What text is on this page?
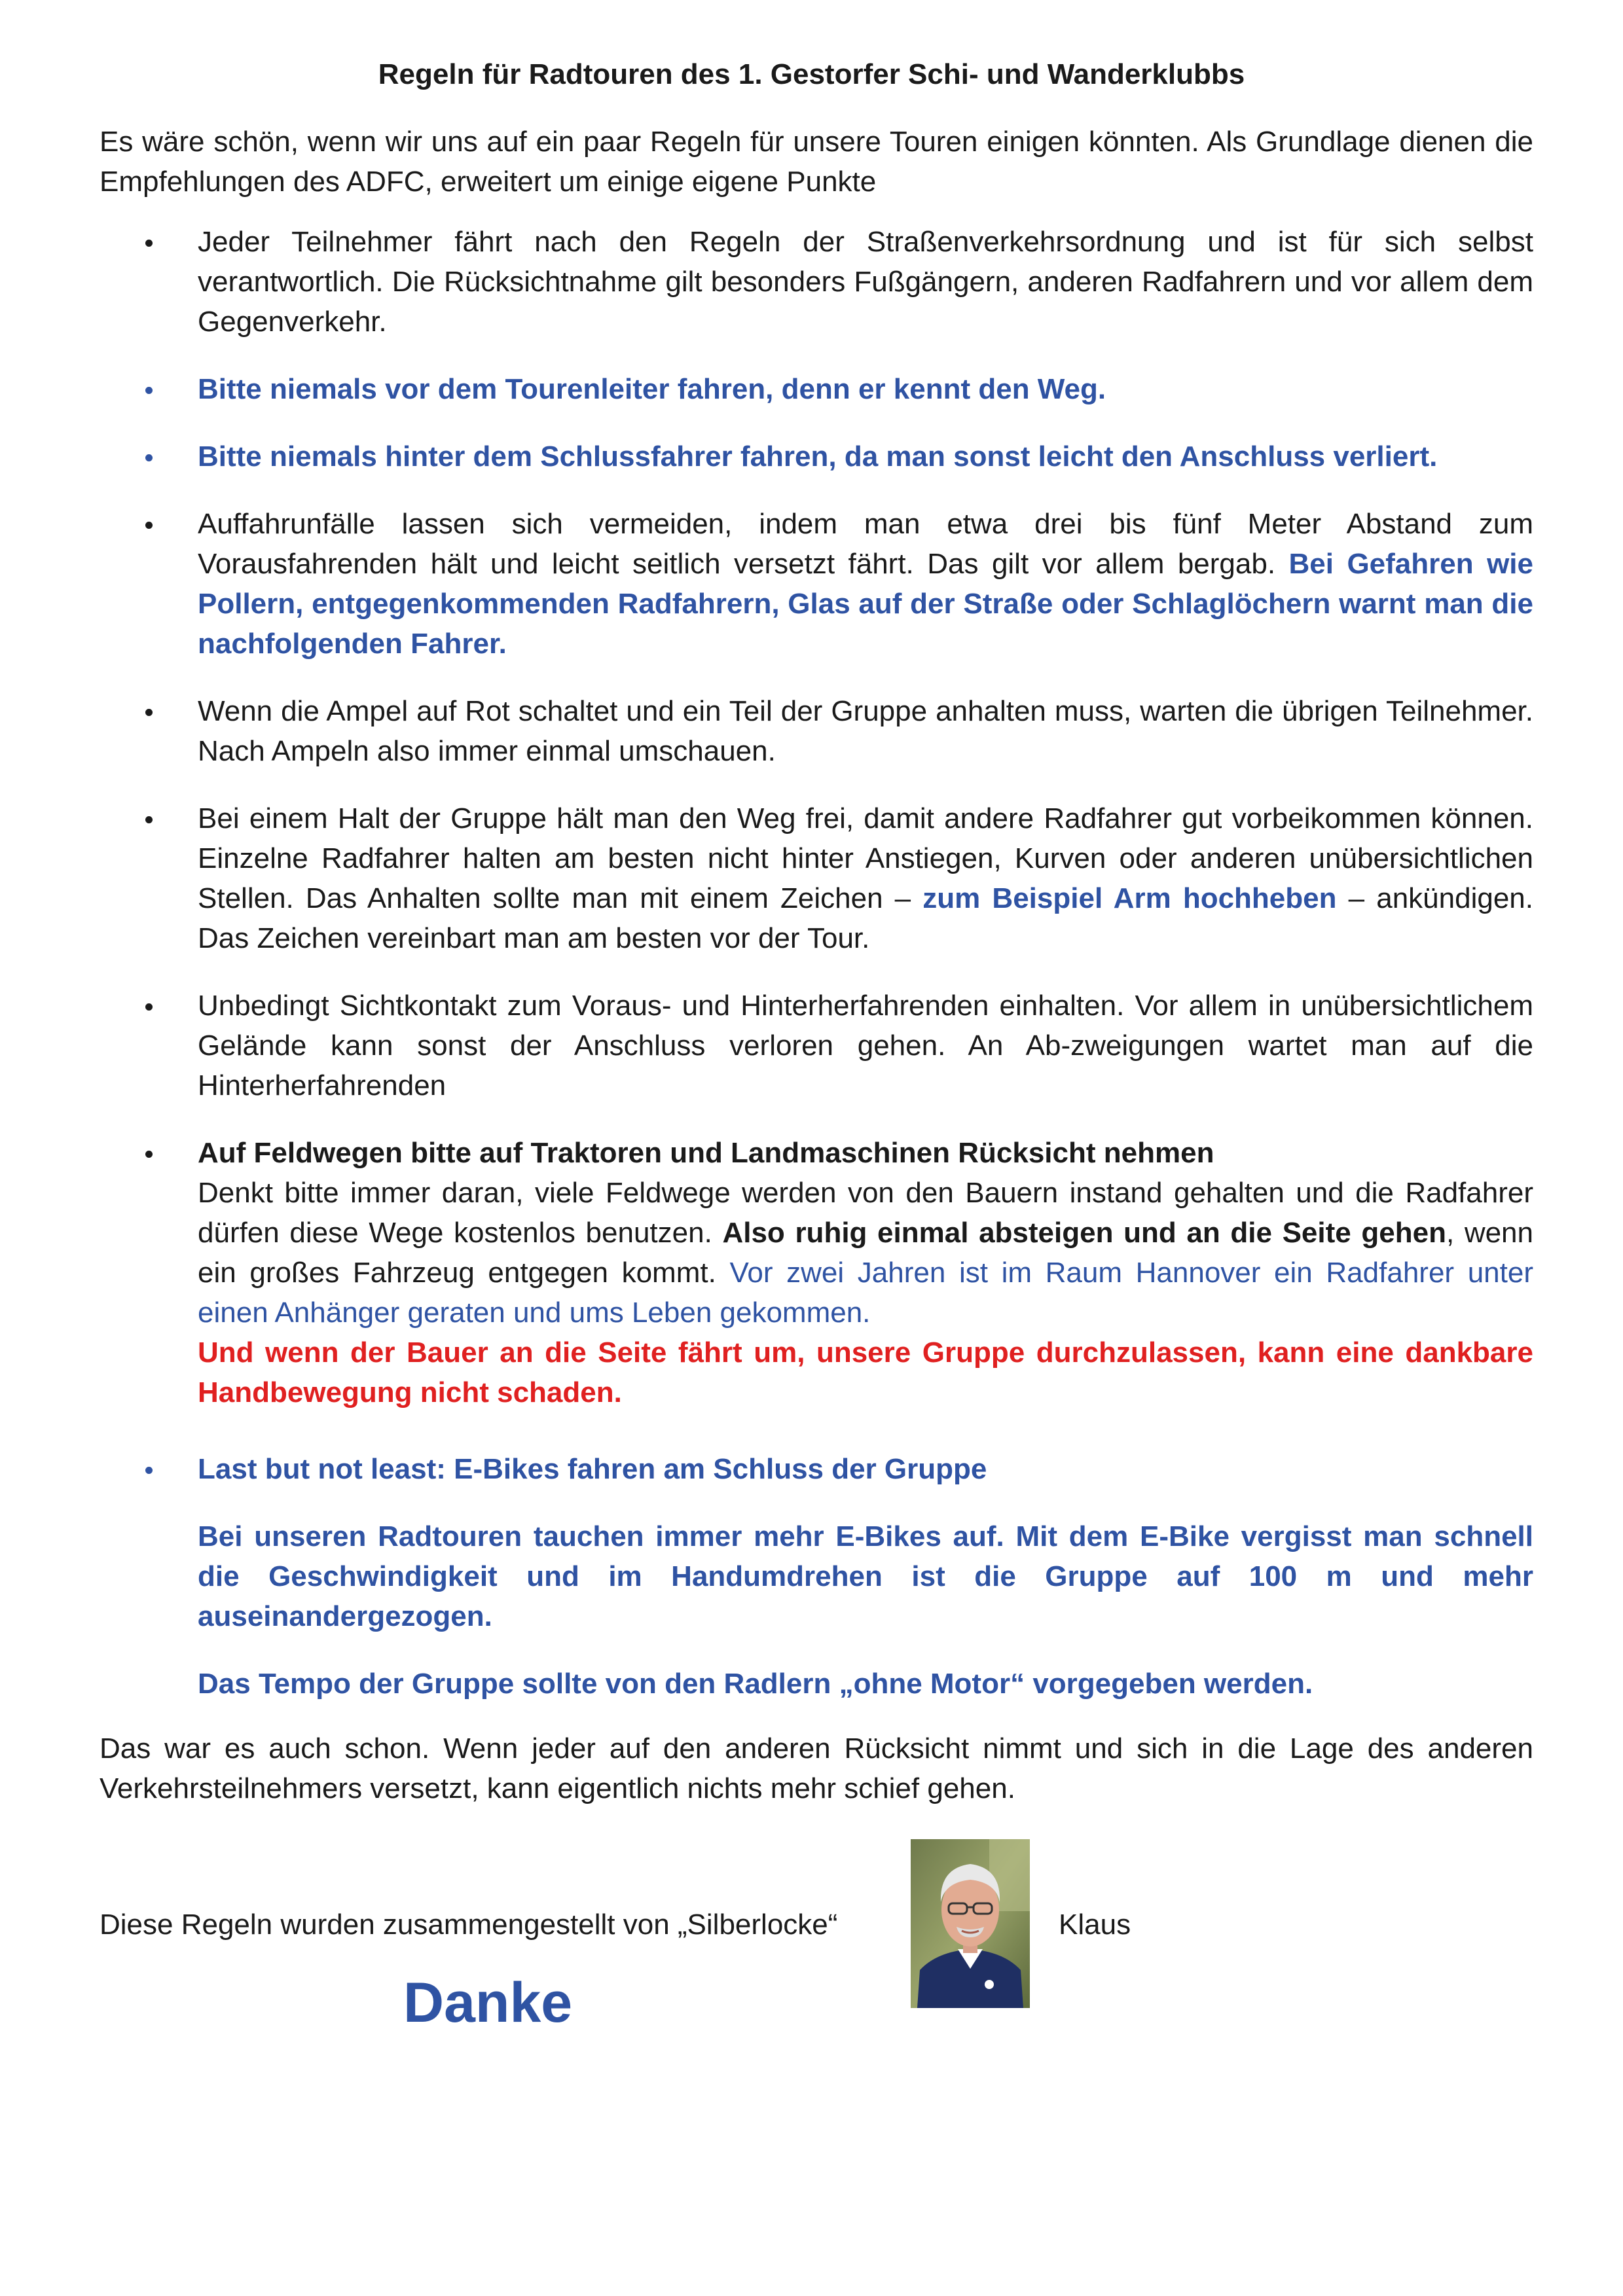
Regeln für Radtouren des 1. Gestorfer Schi- und Wanderklubbs

Es wäre schön, wenn wir uns auf ein paar Regeln für unsere Touren einigen könnten. Als Grundlage dienen die Empfehlungen des ADFC, erweitert um einige eigene Punkte

Jeder Teilnehmer fährt nach den Regeln der Straßenverkehrsordnung und ist für sich selbst verantwortlich. Die Rücksichtnahme gilt besonders Fußgängern, anderen Radfahrern und vor allem dem Gegenverkehr.
Bitte niemals vor dem Tourenleiter fahren, denn er kennt den Weg.
Bitte niemals hinter dem Schlussfahrer fahren, da man sonst leicht den Anschluss verliert.
Auffahrunfälle lassen sich vermeiden, indem man etwa drei bis fünf Meter Abstand zum Vorausfahrenden hält und leicht seitlich versetzt fährt. Das gilt vor allem bergab. Bei Gefahren wie Pollern, entgegenkommenden Radfahrern, Glas auf der Straße oder Schlaglöchern warnt man die nachfolgenden Fahrer.
Wenn die Ampel auf Rot schaltet und ein Teil der Gruppe anhalten muss, warten die übrigen Teilnehmer. Nach Ampeln also immer einmal umschauen.
Bei einem Halt der Gruppe hält man den Weg frei, damit andere Radfahrer gut vorbeikommen können. Einzelne Radfahrer halten am besten nicht hinter Anstiegen, Kurven oder anderen unübersichtlichen Stellen. Das Anhalten sollte man mit einem Zeichen – zum Beispiel Arm hochheben – ankündigen. Das Zeichen vereinbart man am besten vor der Tour.
Unbedingt Sichtkontakt zum Voraus- und Hinterherfahrenden einhalten. Vor allem in unübersichtlichem Gelände kann sonst der Anschluss verloren gehen. An Ab-zweigungen wartet man auf die Hinterherfahrenden
Auf Feldwegen bitte auf Traktoren und Landmaschinen Rücksicht nehmen
Denkt bitte immer daran, viele Feldwege werden von den Bauern instand gehalten und die Radfahrer dürfen diese Wege kostenlos benutzen. Also ruhig einmal absteigen und an die Seite gehen, wenn ein großes Fahrzeug entgegen kommt. Vor zwei Jahren ist im Raum Hannover ein Radfahrer unter einen Anhänger geraten und ums Leben gekommen.
Und wenn der Bauer an die Seite fährt um, unsere Gruppe durchzulassen, kann eine dankbare Handbewegung nicht schaden.
Last but not least: E-Bikes fahren am Schluss der Gruppe
Bei unseren Radtouren tauchen immer mehr E-Bikes auf. Mit dem E-Bike vergisst man schnell die Geschwindigkeit und im Handumdrehen ist die Gruppe auf 100 m und mehr auseinandergezogen.
Das Tempo der Gruppe sollte von den Radlern „ohne Motor“ vorgegeben werden.

Das war es auch schon. Wenn jeder auf den anderen Rücksicht nimmt und sich in die Lage des anderen Verkehrsteilnehmers versetzt, kann eigentlich nichts mehr schief gehen.

Diese Regeln wurden zusammengestellt von „Silberlocke“	Klaus
Danke
